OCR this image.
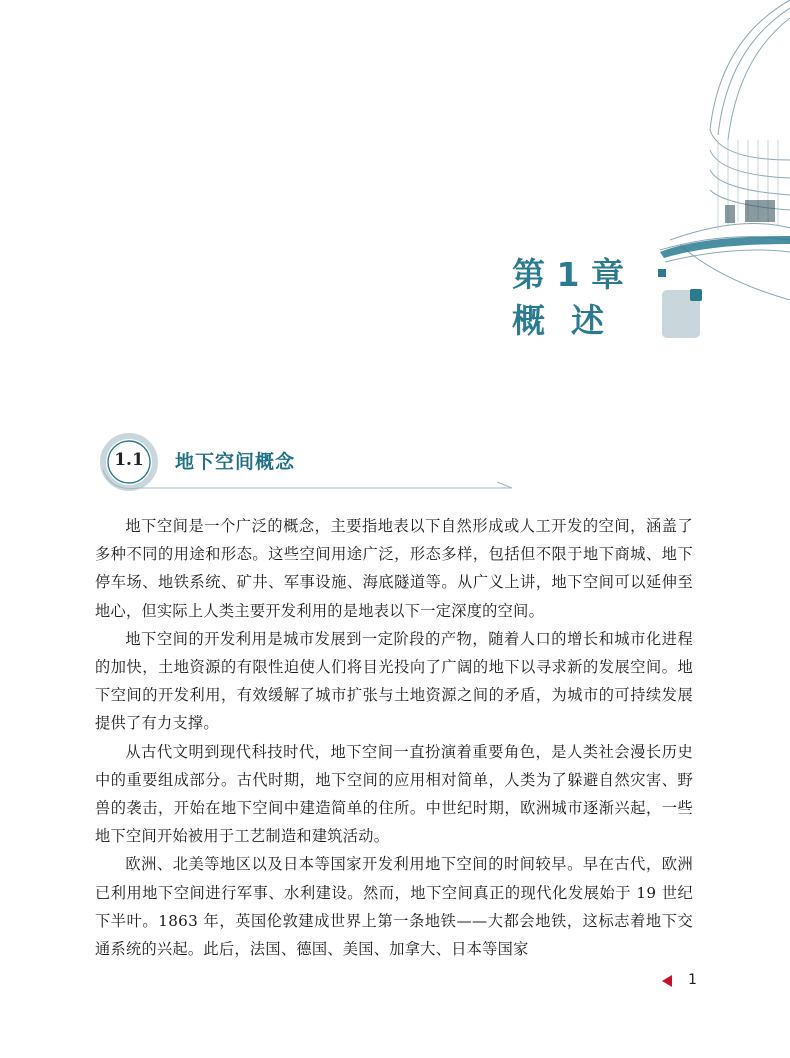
第 1 章
概述
1.1	地下空间概念

地下空间是一个广泛的概念，主要指地表以下自然形成或人工开发的空间，涵盖了多种不同的用途和形态。这些空间用途广泛，形态多样，包括但不限于地下商城、地下停车场、地铁系统、矿井、军事设施、海底隧道等。从广义上讲，地下空间可以延伸至地心，但实际上人类主要开发利用的是地表以下一定深度的空间。

地下空间的开发利用是城市发展到一定阶段的产物，随着人口的增长和城市化进程的加快，土地资源的有限性迫使人们将目光投向了广阔的地下以寻求新的发展空间。地下空间的开发利用，有效缓解了城市扩张与土地资源之间的矛盾，为城市的可持续发展提供了有力支撑。

从古代文明到现代科技时代，地下空间一直扮演着重要角色，是人类社会漫长历史中的重要组成部分。古代时期，地下空间的应用相对简单，人类为了躲避自然灾害、野兽的袭击，开始在地下空间中建造简单的住所。中世纪时期，欧洲城市逐渐兴起，一些地下空间开始被用于工艺制造和建筑活动。

欧洲、北美等地区以及日本等国家开发利用地下空间的时间较早。早在古代，欧洲已利用地下空间进行军事、水利建设。然而，地下空间真正的现代化发展始于 19 世纪下半叶。1863 年，英国伦敦建成世界上第一条地铁——大都会地铁，这标志着地下交通系统的兴起。此后，法国、德国、美国、加拿大、日本等国家

1
